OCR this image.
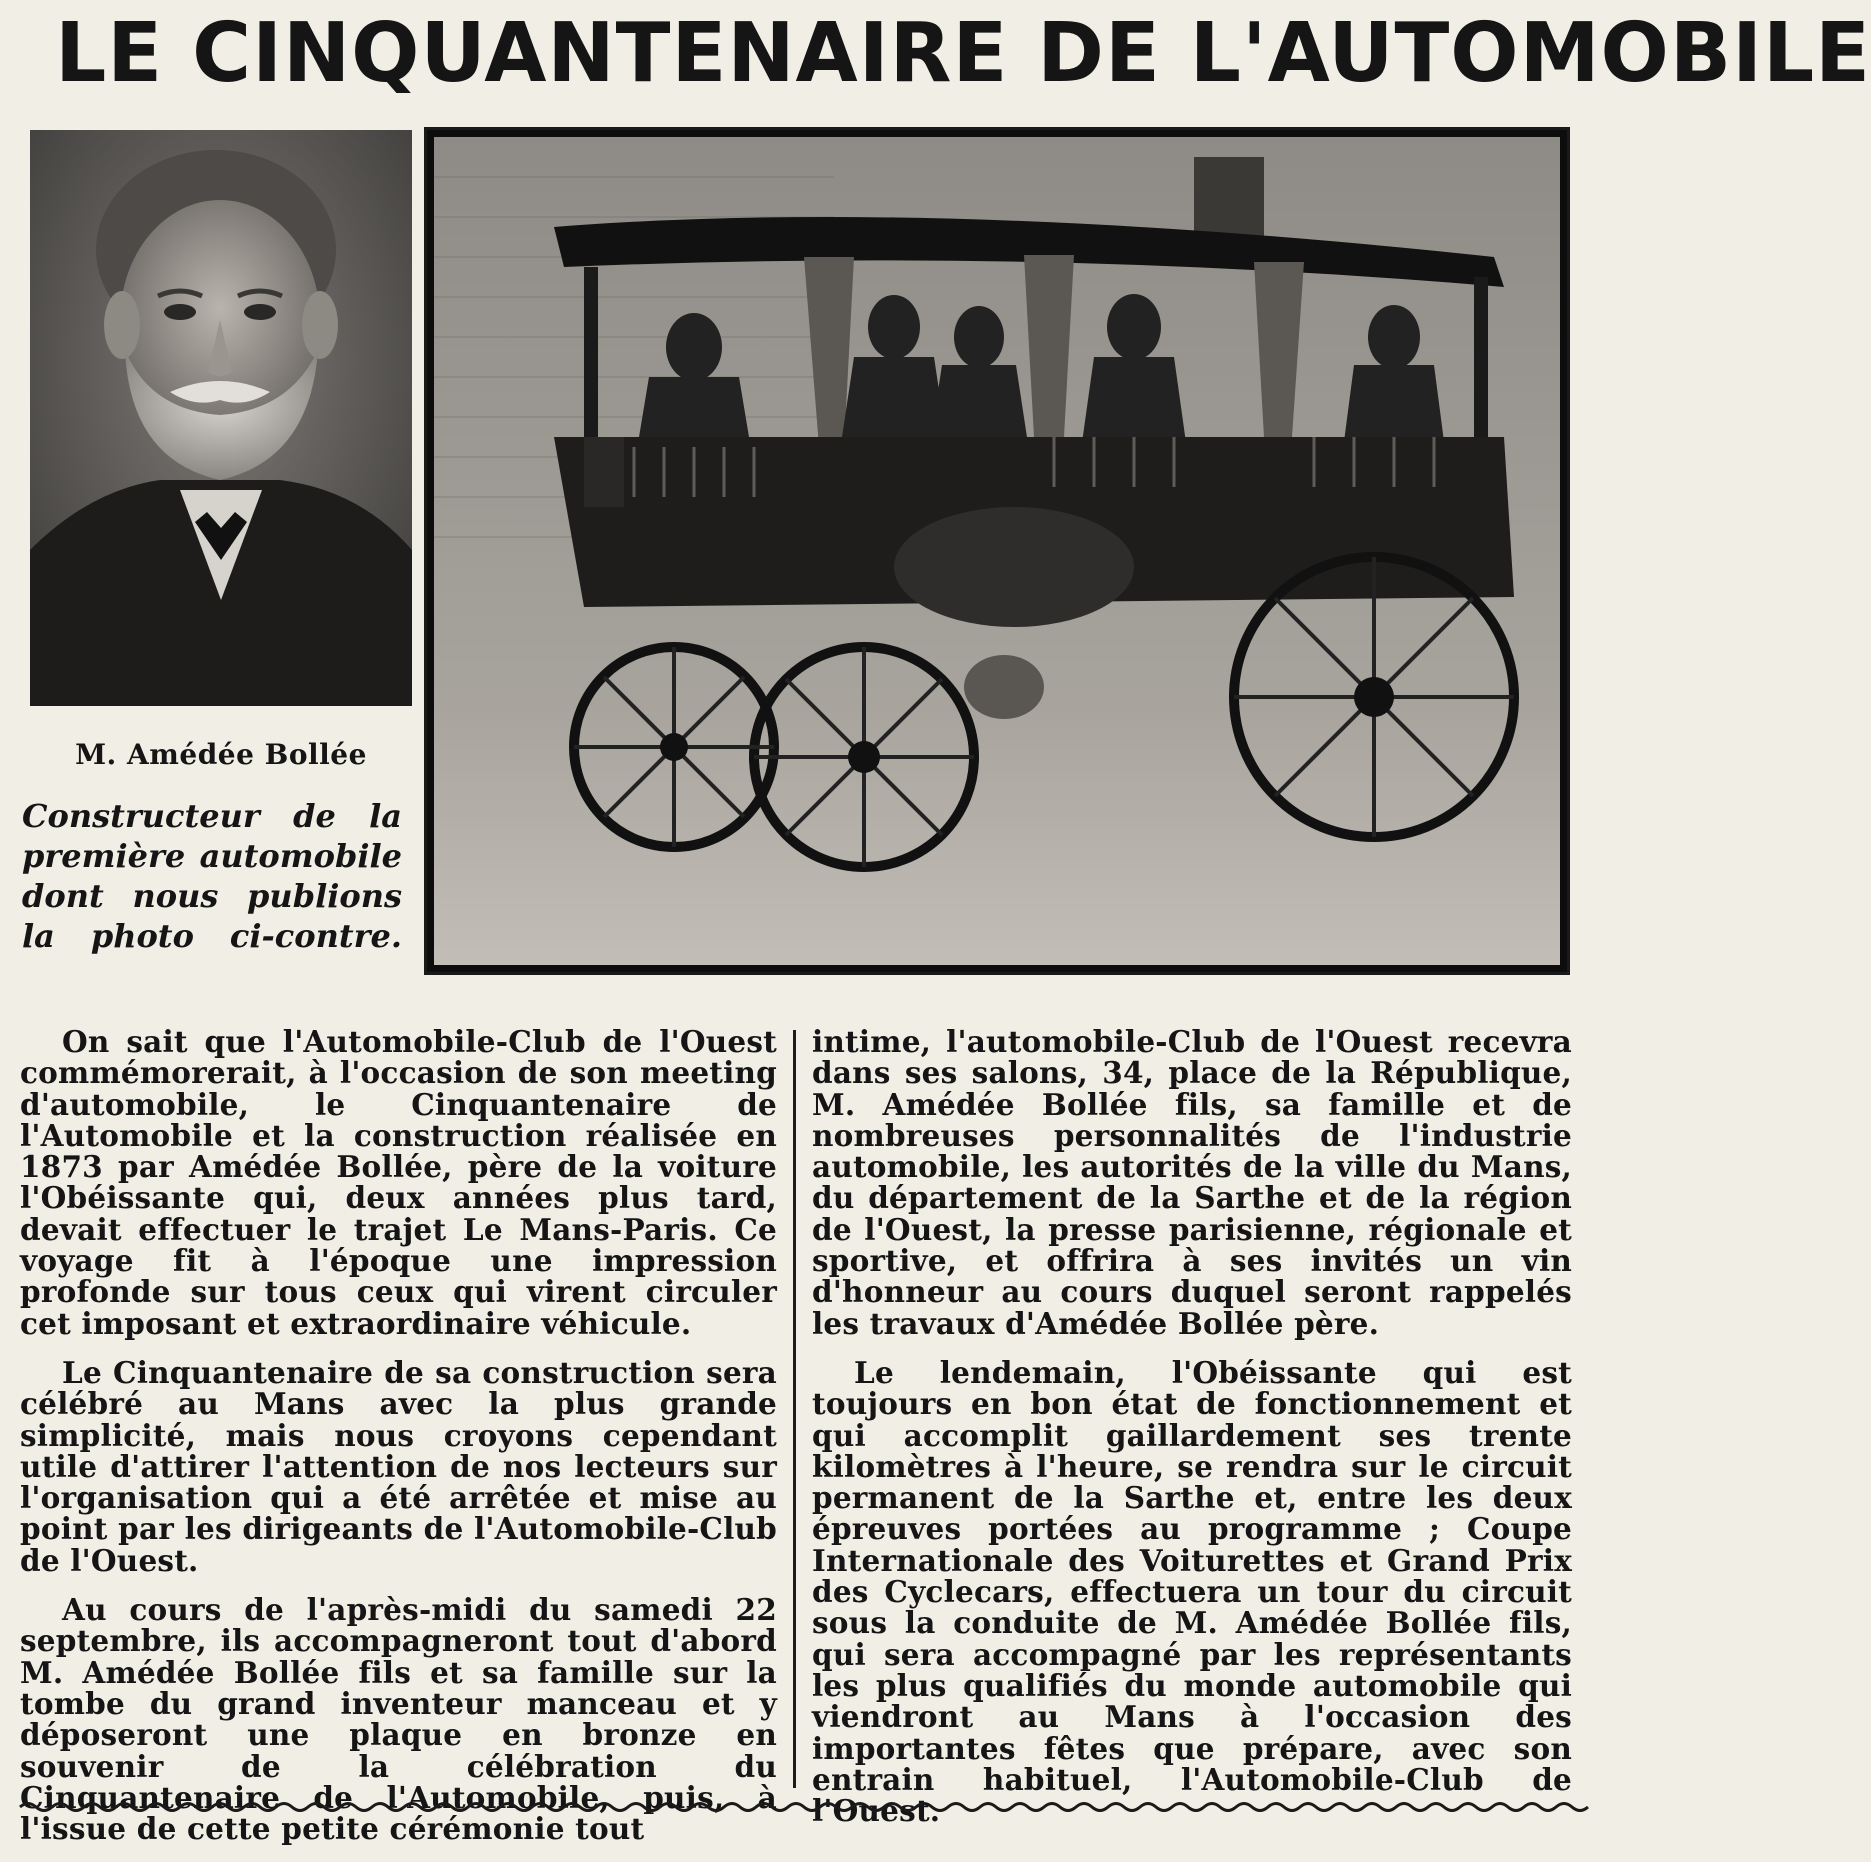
LE CINQUANTENAIRE DE L'AUTOMOBILE
M. Amédée Bollée
Constructeur de la première automobile dont nous publions la photo ci-contre.

On sait que l'Automobile-Club de l'Ouest commémorerait, à l'occasion de son meeting d'automobile, le Cinquantenaire de l'Automobile et la construction réalisée en 1873 par Amédée Bollée, père de la voiture l'Obéissante qui, deux années plus tard, devait effectuer le trajet Le Mans-Paris. Ce voyage fit à l'époque une impression profonde sur tous ceux qui virent circuler cet imposant et extraordinaire véhicule.

Le Cinquantenaire de sa construction sera célébré au Mans avec la plus grande simplicité, mais nous croyons cependant utile d'attirer l'attention de nos lecteurs sur l'organisation qui a été arrêtée et mise au point par les dirigeants de l'Automobile-Club de l'Ouest.

Au cours de l'après-midi du samedi 22 septembre, ils accompagneront tout d'abord M. Amédée Bollée fils et sa famille sur la tombe du grand inventeur manceau et y déposeront une plaque en bronze en souvenir de la célébration du Cinquantenaire de l'Automobile, puis, à l'issue de cette petite cérémonie tout

intime, l'automobile-Club de l'Ouest recevra dans ses salons, 34, place de la République, M. Amédée Bollée fils, sa famille et de nombreuses personnalités de l'industrie automobile, les autorités de la ville du Mans, du département de la Sarthe et de la région de l'Ouest, la presse parisienne, régionale et sportive, et offrira à ses invités un vin d'honneur au cours duquel seront rappelés les travaux d'Amédée Bollée père.

Le lendemain, l'Obéissante qui est toujours en bon état de fonctionnement et qui accomplit gaillardement ses trente kilomètres à l'heure, se rendra sur le circuit permanent de la Sarthe et, entre les deux épreuves portées au programme ; Coupe Internationale des Voiturettes et Grand Prix des Cyclecars, effectuera un tour du circuit sous la conduite de M. Amédée Bollée fils, qui sera accompagné par les représentants les plus qualifiés du monde automobile qui viendront au Mans à l'occasion des importantes fêtes que prépare, avec son entrain habituel, l'Automobile-Club de l'Ouest.
